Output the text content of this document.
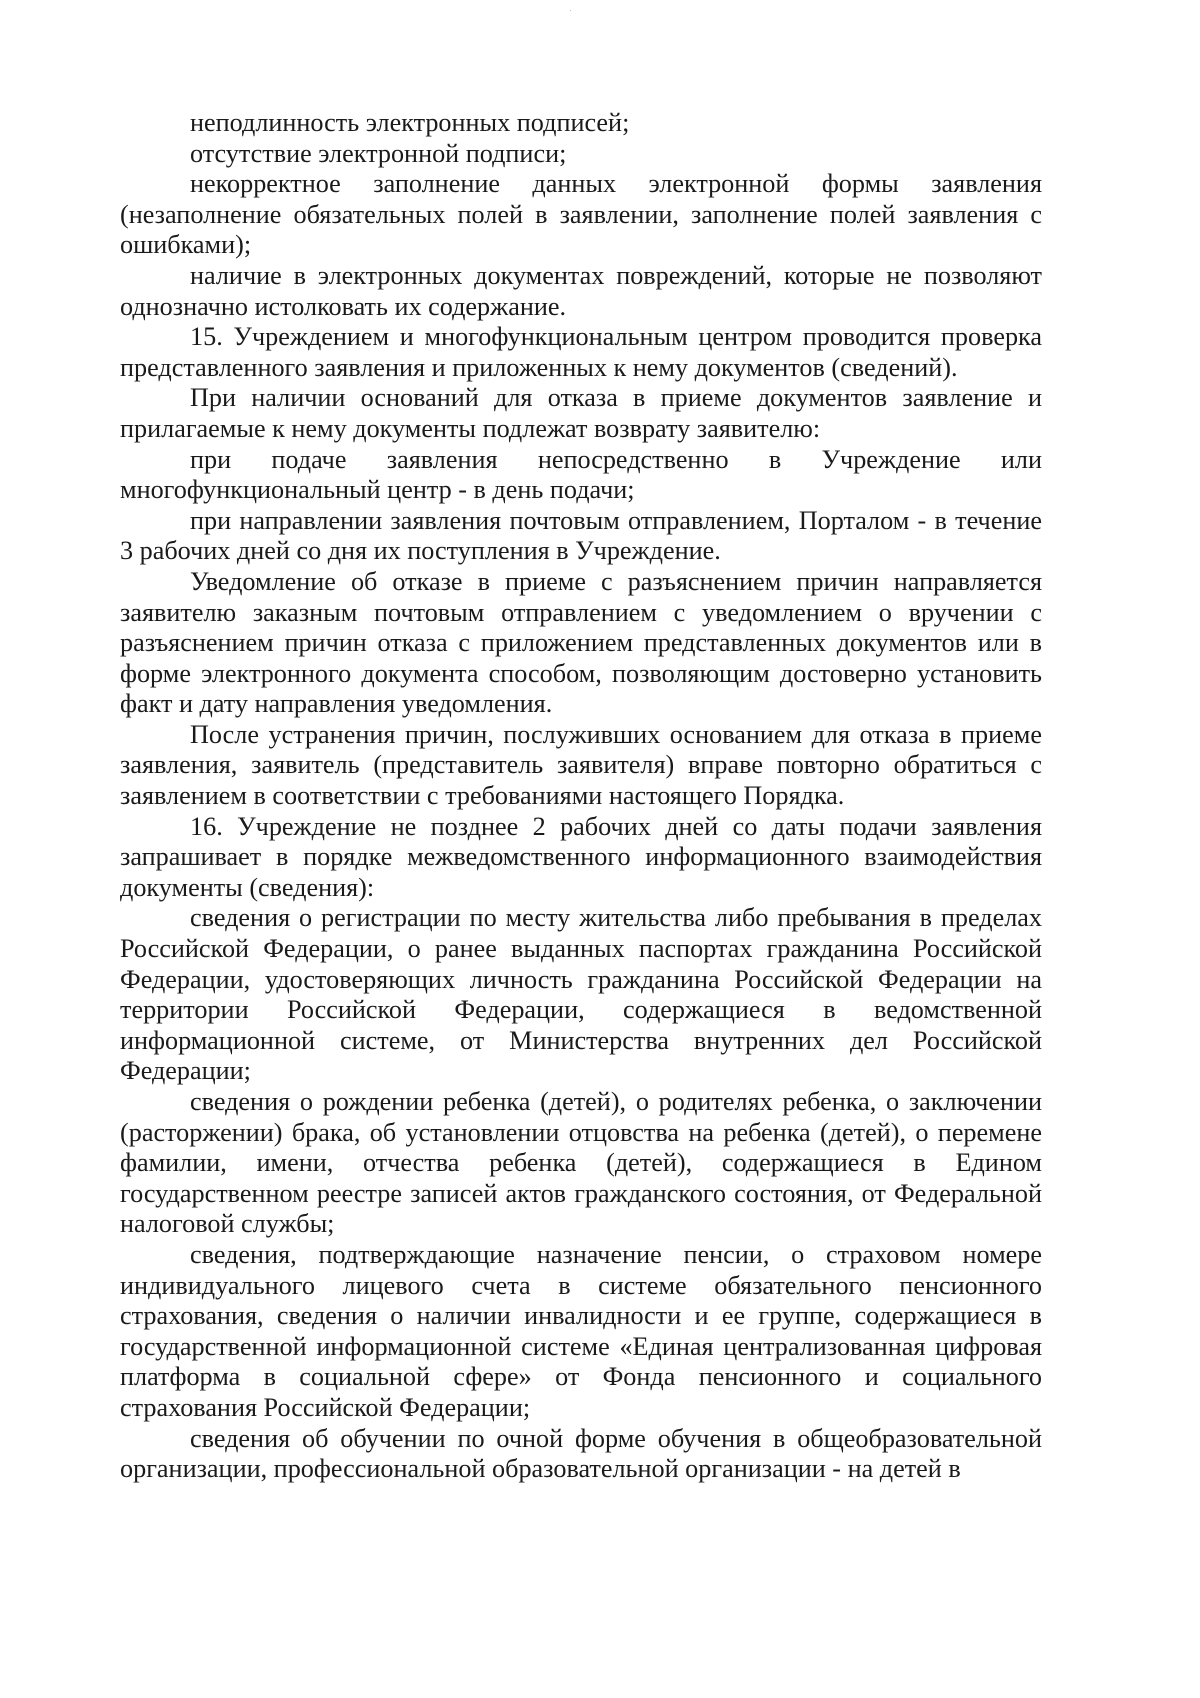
неподлинность электронных подписей;

отсутствие электронной подписи;

некорректное заполнение данных электронной формы заявления (незаполнение обязательных полей в заявлении, заполнение полей заявления с ошибками);

наличие в электронных документах повреждений, которые не позволяют однозначно истолковать их содержание.

15. Учреждением и многофункциональным центром проводится проверка представленного заявления и приложенных к нему документов (сведений).

При наличии оснований для отказа в приеме документов заявление и прилагаемые к нему документы подлежат возврату заявителю:

при подаче заявления непосредственно в Учреждение или многофункциональный центр - в день подачи;

при направлении заявления почтовым отправлением, Порталом - в течение 3 рабочих дней со дня их поступления в Учреждение.

Уведомление об отказе в приеме с разъяснением причин направляется заявителю заказным почтовым отправлением с уведомлением о вручении с разъяснением причин отказа с приложением представленных документов или в форме электронного документа способом, позволяющим достоверно установить факт и дату направления уведомления.

После устранения причин, послуживших основанием для отказа в приеме заявления, заявитель (представитель заявителя) вправе повторно обратиться с заявлением в соответствии с требованиями настоящего Порядка.

16. Учреждение не позднее 2 рабочих дней со даты подачи заявления запрашивает в порядке межведомственного информационного взаимодействия документы (сведения):

сведения о регистрации по месту жительства либо пребывания в пределах Российской Федерации, о ранее выданных паспортах гражданина Российской Федерации, удостоверяющих личность гражданина Российской Федерации на территории Российской Федерации, содержащиеся в ведомственной информационной системе, от Министерства внутренних дел Российской Федерации;

сведения о рождении ребенка (детей), о родителях ребенка, о заключении (расторжении) брака, об установлении отцовства на ребенка (детей), о перемене фамилии, имени, отчества ребенка (детей), содержащиеся в Едином государственном реестре записей актов гражданского состояния, от Федеральной налоговой службы;

сведения, подтверждающие назначение пенсии, о страховом номере индивидуального лицевого счета в системе обязательного пенсионного страхования, сведения о наличии инвалидности и ее группе, содержащиеся в государственной информационной системе «Единая централизованная цифровая платформа в социальной сфере» от Фонда пенсионного и социального страхования Российской Федерации;

сведения об обучении по очной форме обучения в общеобразовательной организации, профессиональной образовательной организации - на детей в
